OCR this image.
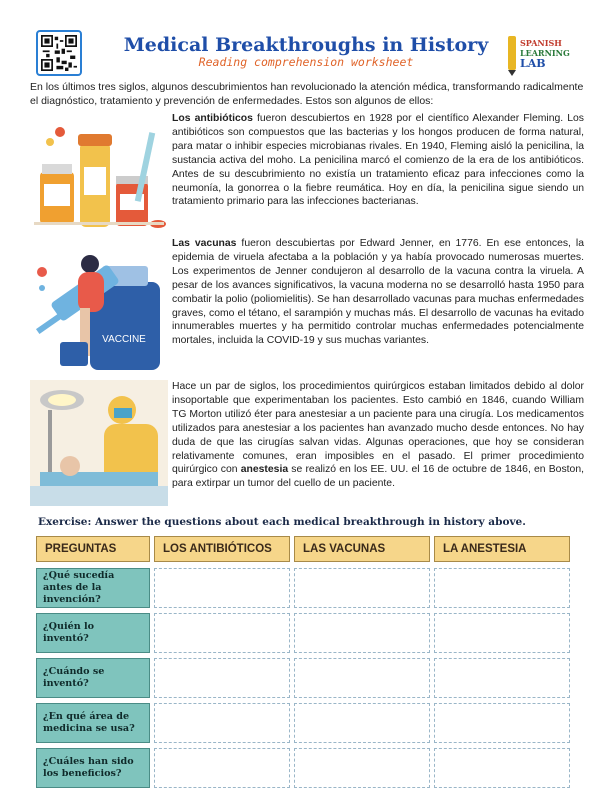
Medical Breakthroughs in History
Reading comprehension worksheet
SPANISH
LEARNING
LAB

En los últimos tres siglos, algunos descubrimientos han revolucionado la atención médica, transformando radicalmente el diagnóstico, tratamiento y prevención de enfermedades. Estos son algunos de ellos:

VACCINE

Los antibióticos fueron descubiertos en 1928 por el científico Alexander Fleming. Los antibióticos son compuestos que las bacterias y los hongos producen de forma natural, para matar o inhibir especies microbianas rivales. En 1940, Fleming aisló la penicilina, la sustancia activa del moho. La penicilina marcó el comienzo de la era de los antibióticos. Antes de su descubrimiento no existía un tratamiento eficaz para infecciones como la neumonía, la gonorrea o la fiebre reumática. Hoy en día, la penicilina sigue siendo un tratamiento primario para las infecciones bacterianas.

Las vacunas fueron descubiertas por Edward Jenner, en 1776. En ese entonces, la epidemia de viruela afectaba a la población y ya había provocado numerosas muertes. Los experimentos de Jenner condujeron al desarrollo de la vacuna contra la viruela. A pesar de los avances significativos, la vacuna moderna no se desarrolló hasta 1950 para combatir la polio (poliomielitis). Se han desarrollado vacunas para muchas enfermedades graves, como el tétano, el sarampión y muchas más. El desarrollo de vacunas ha evitado innumerables muertes y ha permitido controlar muchas enfermedades potencialmente mortales, incluida la COVID-19 y sus muchas variantes.

Hace un par de siglos, los procedimientos quirúrgicos estaban limitados debido al dolor insoportable que experimentaban los pacientes. Esto cambió en 1846, cuando William TG Morton utilizó éter para anestesiar a un paciente para una cirugía. Los medicamentos utilizados para anestesiar a los pacientes han avanzado mucho desde entonces. No hay duda de que las cirugías salvan vidas. Algunas operaciones, que hoy se consideran relativamente comunes, eran imposibles en el pasado. El primer procedimiento quirúrgico con anestesia se realizó en los EE. UU. el 16 de octubre de 1846, en Boston, para extirpar un tumor del cuello de un paciente.

Exercise: Answer the questions about each medical breakthrough in history above.
PREGUNTAS	LOS ANTIBIÓTICOS	LAS VACUNAS	LA ANESTESIA
¿Qué sucedía antes de la invención?
¿Quién lo inventó?
¿Cuándo se inventó?
¿En qué área de medicina se usa?
¿Cuáles han sido los beneficios?
